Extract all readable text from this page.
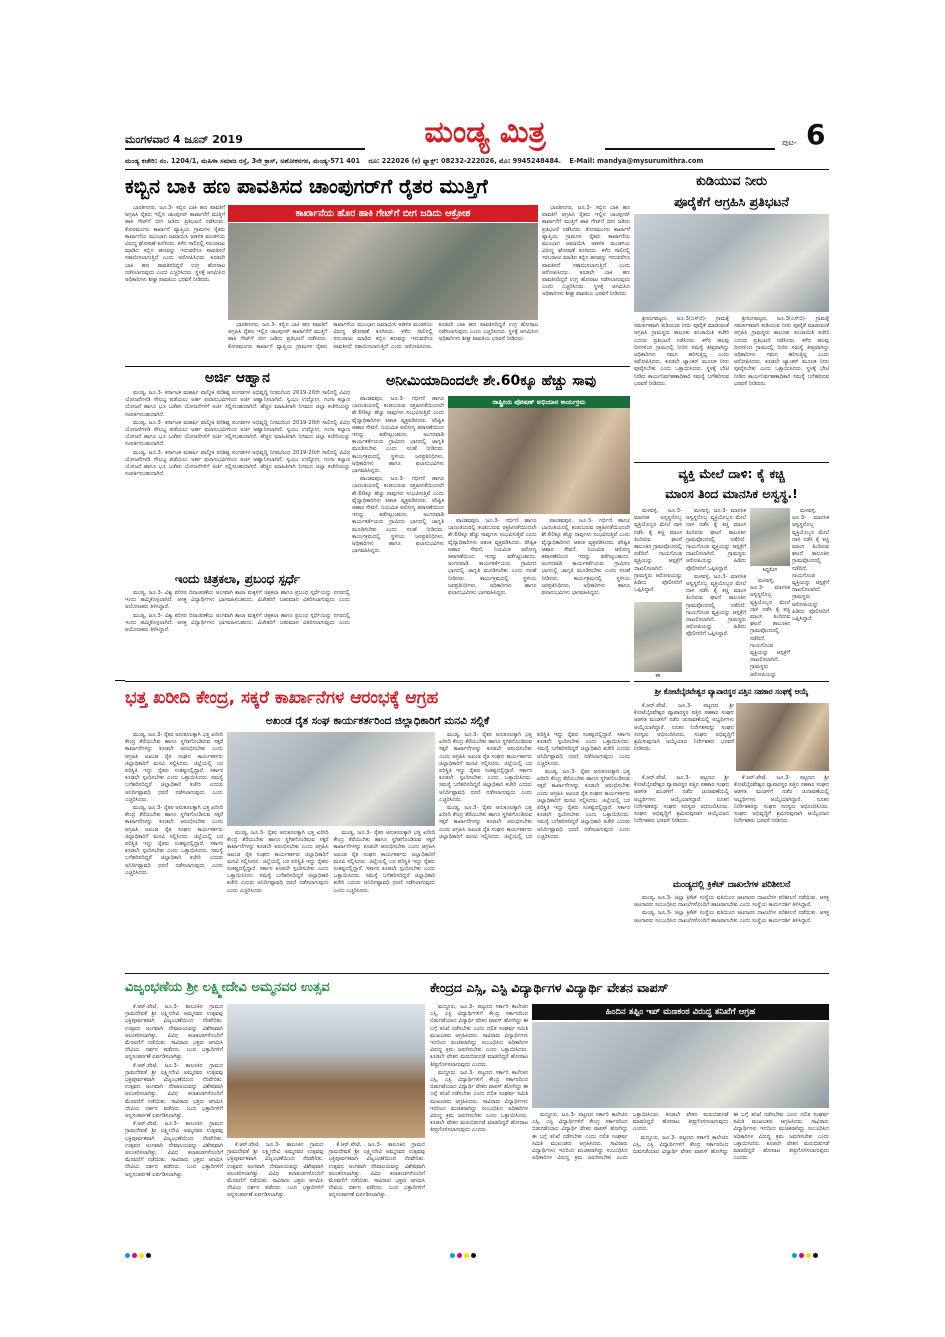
ಮಂಗಳವಾರ 4 ಜೂನ್ 2019	ಮಂಡ್ಯ ಮಿತ್ರ	ಪುಟ- 6
ಮಂಡ್ಯ ಕಚೇರಿ: ನಂ. 1204/1, ಮಹಿಳಾ ಸಮಾಜ ರಸ್ತೆ, 3ನೇ ಕ್ರಾಸ್, ಅಶೋಕನಗರ, ಮಂಡ್ಯ-571 401 ದೂ: 222026 (ಕ) ಫ್ಯಾಕ್ಸ್: 08232-222026, ಮೊ: 9945248484. E-Mail: mandya@mysurumithra.com
ಕಬ್ಬಿನ ಬಾಕಿ ಹಣ ಪಾವತಿಸದ ಚಾಂಪುಗರ್‌ಗೆ ರೈತರ ಮುತ್ತಿಗೆ

ಭಾರತೀನಗರ, ಜೂ.3- ಕಬ್ಬಿನ ಬಾಕಿ ಹಣ ಪಾವತಿಗೆ ಆಗ್ರಹಿಸಿ ರೈತರು ಇಲ್ಲಿನ ಚಾಂಪುಗರ್ ಕಾರ್ಖಾನೆಗೆ ಮುತ್ತಿಗೆ ಹಾಕಿ ಗೇಟ್‌ಗೆ ಬೀಗ ಜಡಿದು ಪ್ರತಿಭಟನೆ ನಡೆಸಿದರು. ಕೋರಮಂಗಲ ಕಾರ್ಖಾನೆ ವ್ಯಾಪ್ತಿಯ ಗ್ರಾಮಗಳ ರೈತರು ಕಾರ್ಖಾನೆಯ ಮುಂಭಾಗ ಜಮಾಯಿಸಿ ಆಡಳಿತ ಮಂಡಳಿಯ ವಿರುದ್ಧ ಘೋಷಣೆ ಕೂಗಿದರು. ಕಳೆದ ಸಾಲಿನಲ್ಲಿ ಸರಬರಾಜು ಮಾಡಿದ ಕಬ್ಬಿನ ಹಣವನ್ನು ಇದುವರೆಗೂ ಪಾವತಿಸದೆ ಸತಾಯಿಸಲಾಗುತ್ತಿದೆ ಎಂದು ಆರೋಪಿಸಿದರು. ಕೂಡಲೇ ಬಾಕಿ ಹಣ ಪಾವತಿಸದಿದ್ದರೆ ಉಗ್ರ ಹೋರಾಟ ನಡೆಸಲಾಗುವುದು ಎಂದು ಎಚ್ಚರಿಸಿದರು. ಸ್ಥಳಕ್ಕೆ ಆಗಮಿಸಿದ ಅಧಿಕಾರಿಗಳು ಶೀಘ್ರ ಪಾವತಿಯ ಭರವಸೆ ನೀಡಿದರು.

ಕಾರ್ಖಾನೆಯ ಹೊರ ಹಾಕಿ ಗೇಟ್‌ಗೆ ಬೀಗ ಜಡಿದು ಆಕ್ರೋಶ

ಭಾರತೀನಗರ, ಜೂ.3- ಕಬ್ಬಿನ ಬಾಕಿ ಹಣ ಪಾವತಿಗೆ ಆಗ್ರಹಿಸಿ ರೈತರು ಇಲ್ಲಿನ ಚಾಂಪುಗರ್ ಕಾರ್ಖಾನೆಗೆ ಮುತ್ತಿಗೆ ಹಾಕಿ ಗೇಟ್‌ಗೆ ಬೀಗ ಜಡಿದು ಪ್ರತಿಭಟನೆ ನಡೆಸಿದರು. ಕೋರಮಂಗಲ ಕಾರ್ಖಾನೆ ವ್ಯಾಪ್ತಿಯ ಗ್ರಾಮಗಳ ರೈತರು ಕಾರ್ಖಾನೆಯ ಮುಂಭಾಗ ಜಮಾಯಿಸಿ ಆಡಳಿತ ಮಂಡಳಿಯ ವಿರುದ್ಧ ಘೋಷಣೆ ಕೂಗಿದರು. ಕಳೆದ ಸಾಲಿನಲ್ಲಿ ಸರಬರಾಜು ಮಾಡಿದ ಕಬ್ಬಿನ ಹಣವನ್ನು ಇದುವರೆಗೂ ಪಾವತಿಸದೆ ಸತಾಯಿಸಲಾಗುತ್ತಿದೆ ಎಂದು ಆರೋಪಿಸಿದರು. ಕೂಡಲೇ ಬಾಕಿ ಹಣ ಪಾವತಿಸದಿದ್ದರೆ ಉಗ್ರ ಹೋರಾಟ ನಡೆಸಲಾಗುವುದು ಎಂದು ಎಚ್ಚರಿಸಿದರು. ಸ್ಥಳಕ್ಕೆ ಆಗಮಿಸಿದ ಅಧಿಕಾರಿಗಳು ಶೀಘ್ರ ಪಾವತಿಯ ಭರವಸೆ ನೀಡಿದರು.

ಭಾರತೀನಗರ, ಜೂ.3- ಕಬ್ಬಿನ ಬಾಕಿ ಹಣ ಪಾವತಿಗೆ ಆಗ್ರಹಿಸಿ ರೈತರು ಇಲ್ಲಿನ ಚಾಂಪುಗರ್ ಕಾರ್ಖಾನೆಗೆ ಮುತ್ತಿಗೆ ಹಾಕಿ ಗೇಟ್‌ಗೆ ಬೀಗ ಜಡಿದು ಪ್ರತಿಭಟನೆ ನಡೆಸಿದರು. ಕೋರಮಂಗಲ ಕಾರ್ಖಾನೆ ವ್ಯಾಪ್ತಿಯ ಗ್ರಾಮಗಳ ರೈತರು ಕಾರ್ಖಾನೆಯ ಮುಂಭಾಗ ಜಮಾಯಿಸಿ ಆಡಳಿತ ಮಂಡಳಿಯ ವಿರುದ್ಧ ಘೋಷಣೆ ಕೂಗಿದರು. ಕಳೆದ ಸಾಲಿನಲ್ಲಿ ಸರಬರಾಜು ಮಾಡಿದ ಕಬ್ಬಿನ ಹಣವನ್ನು ಇದುವರೆಗೂ ಪಾವತಿಸದೆ ಸತಾಯಿಸಲಾಗುತ್ತಿದೆ ಎಂದು ಆರೋಪಿಸಿದರು. ಕೂಡಲೇ ಬಾಕಿ ಹಣ ಪಾವತಿಸದಿದ್ದರೆ ಉಗ್ರ ಹೋರಾಟ ನಡೆಸಲಾಗುವುದು ಎಂದು ಎಚ್ಚರಿಸಿದರು. ಸ್ಥಳಕ್ಕೆ ಆಗಮಿಸಿದ ಅಧಿಕಾರಿಗಳು ಶೀಘ್ರ ಪಾವತಿಯ ಭರವಸೆ ನೀಡಿದರು.

ಕುಡಿಯುವ ನೀರು
ಪೂರೈಕೆಗೆ ಆಗ್ರಹಿಸಿ ಪ್ರತಿಭಟನೆ

ಶ್ರೀರಂಗಪಟ್ಟಣ, ಜೂ.3(ಎಸ್‌ಬಿ)- ಗ್ರಾಮಕ್ಕೆ ಸಮರ್ಪಕವಾಗಿ ಕುಡಿಯುವ ನೀರು ಪೂರೈಕೆ ಮಾಡುವಂತೆ ಆಗ್ರಹಿಸಿ ಗ್ರಾಮಸ್ಥರು ತಾಲೂಕು ಪಂಚಾಯಿತಿ ಕಚೇರಿ ಎದುರು ಪ್ರತಿಭಟನೆ ನಡೆಸಿದರು. ಕಳೆದ ಹಲವು ದಿನಗಳಿಂದ ಗ್ರಾಮದಲ್ಲಿ ನೀರಿನ ಸಮಸ್ಯೆ ತೀವ್ರವಾಗಿದ್ದು ಅಧಿಕಾರಿಗಳು ಗಮನ ಹರಿಸುತ್ತಿಲ್ಲ ಎಂದು ಆರೋಪಿಸಿದರು. ಕೂಡಲೇ ಟ್ಯಾಂಕರ್ ಮೂಲಕ ನೀರು ಪೂರೈಸಬೇಕು ಎಂದು ಒತ್ತಾಯಿಸಿದರು. ಸ್ಥಳಕ್ಕೆ ಭೇಟಿ ನೀಡಿದ ಕಾರ್ಯನಿರ್ವಹಣಾಧಿಕಾರಿ ಸಮಸ್ಯೆ ಬಗೆಹರಿಸುವ ಭರವಸೆ ನೀಡಿದರು.

ಶ್ರೀರಂಗಪಟ್ಟಣ, ಜೂ.3(ಎಸ್‌ಬಿ)- ಗ್ರಾಮಕ್ಕೆ ಸಮರ್ಪಕವಾಗಿ ಕುಡಿಯುವ ನೀರು ಪೂರೈಕೆ ಮಾಡುವಂತೆ ಆಗ್ರಹಿಸಿ ಗ್ರಾಮಸ್ಥರು ತಾಲೂಕು ಪಂಚಾಯಿತಿ ಕಚೇರಿ ಎದುರು ಪ್ರತಿಭಟನೆ ನಡೆಸಿದರು. ಕಳೆದ ಹಲವು ದಿನಗಳಿಂದ ಗ್ರಾಮದಲ್ಲಿ ನೀರಿನ ಸಮಸ್ಯೆ ತೀವ್ರವಾಗಿದ್ದು ಅಧಿಕಾರಿಗಳು ಗಮನ ಹರಿಸುತ್ತಿಲ್ಲ ಎಂದು ಆರೋಪಿಸಿದರು. ಕೂಡಲೇ ಟ್ಯಾಂಕರ್ ಮೂಲಕ ನೀರು ಪೂರೈಸಬೇಕು ಎಂದು ಒತ್ತಾಯಿಸಿದರು. ಸ್ಥಳಕ್ಕೆ ಭೇಟಿ ನೀಡಿದ ಕಾರ್ಯನಿರ್ವಹಣಾಧಿಕಾರಿ ಸಮಸ್ಯೆ ಬಗೆಹರಿಸುವ ಭರವಸೆ ನೀಡಿದರು.

ಅರ್ಜಿ ಆಹ್ವಾನ

ಮಂಡ್ಯ, ಜೂ.3- ಕರ್ನಾಟಕ ಮಹರ್ಷಿ ವಾಲ್ಮೀಕಿ ಪರಿಶಿಷ್ಟ ಪಂಗಡಗಳ ಅಭಿವೃದ್ಧಿ ನಿಗಮದಿಂದ 2019-20ನೇ ಸಾಲಿನಲ್ಲಿ ವಿವಿಧ ಯೋಜನೆಗಳಡಿ ಸೌಲಭ್ಯ ಪಡೆಯಲು ಅರ್ಹ ಫಲಾನುಭವಿಗಳಿಂದ ಅರ್ಜಿ ಆಹ್ವಾನಿಸಲಾಗಿದೆ. ಸ್ವಯಂ ಉದ್ಯೋಗ, ಗಂಗಾ ಕಲ್ಯಾಣ ಯೋಜನೆ ಹಾಗೂ ಭೂ ಒಡೆತನ ಯೋಜನೆಗಳಿಗೆ ಅರ್ಜಿ ಸಲ್ಲಿಸಬಹುದಾಗಿದೆ. ಹೆಚ್ಚಿನ ಮಾಹಿತಿಗಾಗಿ ನಿಗಮದ ಜಿಲ್ಲಾ ಕಚೇರಿಯನ್ನು ಸಂಪರ್ಕಿಸಬಹುದಾಗಿದೆ.

ಮಂಡ್ಯ, ಜೂ.3- ಕರ್ನಾಟಕ ಮಹರ್ಷಿ ವಾಲ್ಮೀಕಿ ಪರಿಶಿಷ್ಟ ಪಂಗಡಗಳ ಅಭಿವೃದ್ಧಿ ನಿಗಮದಿಂದ 2019-20ನೇ ಸಾಲಿನಲ್ಲಿ ವಿವಿಧ ಯೋಜನೆಗಳಡಿ ಸೌಲಭ್ಯ ಪಡೆಯಲು ಅರ್ಹ ಫಲಾನುಭವಿಗಳಿಂದ ಅರ್ಜಿ ಆಹ್ವಾನಿಸಲಾಗಿದೆ. ಸ್ವಯಂ ಉದ್ಯೋಗ, ಗಂಗಾ ಕಲ್ಯಾಣ ಯೋಜನೆ ಹಾಗೂ ಭೂ ಒಡೆತನ ಯೋಜನೆಗಳಿಗೆ ಅರ್ಜಿ ಸಲ್ಲಿಸಬಹುದಾಗಿದೆ. ಹೆಚ್ಚಿನ ಮಾಹಿತಿಗಾಗಿ ನಿಗಮದ ಜಿಲ್ಲಾ ಕಚೇರಿಯನ್ನು ಸಂಪರ್ಕಿಸಬಹುದಾಗಿದೆ.

ಮಂಡ್ಯ, ಜೂ.3- ಕರ್ನಾಟಕ ಮಹರ್ಷಿ ವಾಲ್ಮೀಕಿ ಪರಿಶಿಷ್ಟ ಪಂಗಡಗಳ ಅಭಿವೃದ್ಧಿ ನಿಗಮದಿಂದ 2019-20ನೇ ಸಾಲಿನಲ್ಲಿ ವಿವಿಧ ಯೋಜನೆಗಳಡಿ ಸೌಲಭ್ಯ ಪಡೆಯಲು ಅರ್ಹ ಫಲಾನುಭವಿಗಳಿಂದ ಅರ್ಜಿ ಆಹ್ವಾನಿಸಲಾಗಿದೆ. ಸ್ವಯಂ ಉದ್ಯೋಗ, ಗಂಗಾ ಕಲ್ಯಾಣ ಯೋಜನೆ ಹಾಗೂ ಭೂ ಒಡೆತನ ಯೋಜನೆಗಳಿಗೆ ಅರ್ಜಿ ಸಲ್ಲಿಸಬಹುದಾಗಿದೆ. ಹೆಚ್ಚಿನ ಮಾಹಿತಿಗಾಗಿ ನಿಗಮದ ಜಿಲ್ಲಾ ಕಚೇರಿಯನ್ನು ಸಂಪರ್ಕಿಸಬಹುದಾಗಿದೆ.

ಇಂದು ಚಿತ್ರಕಲಾ, ಪ್ರಬಂಧ ಸ್ಪರ್ಧೆ

ಮಂಡ್ಯ, ಜೂ.3- ವಿಶ್ವ ಪರಿಸರ ದಿನಾಚರಣೆಯ ಅಂಗವಾಗಿ ಶಾಲಾ ಮಕ್ಕಳಿಗೆ ಚಿತ್ರಕಲಾ ಹಾಗೂ ಪ್ರಬಂಧ ಸ್ಪರ್ಧೆಯನ್ನು ನಗರದಲ್ಲಿ ಇಂದು ಹಮ್ಮಿಕೊಳ್ಳಲಾಗಿದೆ. ಆಸಕ್ತ ವಿದ್ಯಾರ್ಥಿಗಳು ಭಾಗವಹಿಸಬಹುದು. ವಿಜೇತರಿಗೆ ಬಹುಮಾನ ವಿತರಿಸಲಾಗುವುದು ಎಂದು ಆಯೋಜಕರು ತಿಳಿಸಿದ್ದಾರೆ.

ಮಂಡ್ಯ, ಜೂ.3- ವಿಶ್ವ ಪರಿಸರ ದಿನಾಚರಣೆಯ ಅಂಗವಾಗಿ ಶಾಲಾ ಮಕ್ಕಳಿಗೆ ಚಿತ್ರಕಲಾ ಹಾಗೂ ಪ್ರಬಂಧ ಸ್ಪರ್ಧೆಯನ್ನು ನಗರದಲ್ಲಿ ಇಂದು ಹಮ್ಮಿಕೊಳ್ಳಲಾಗಿದೆ. ಆಸಕ್ತ ವಿದ್ಯಾರ್ಥಿಗಳು ಭಾಗವಹಿಸಬಹುದು. ವಿಜೇತರಿಗೆ ಬಹುಮಾನ ವಿತರಿಸಲಾಗುವುದು ಎಂದು ಆಯೋಜಕರು ತಿಳಿಸಿದ್ದಾರೆ.

ಅನೀಮಿಯಾದಿಂದಲೇ ಶೇ.60ಕ್ಕೂ ಹೆಚ್ಚು ಸಾವು

ಪಾಂಡವಪುರ, ಜೂ.3- ಗರ್ಭಿಣಿ ಹಾಗೂ ಬಾಣಂತಿಯರಲ್ಲಿ ಕಂಡುಬರುವ ರಕ್ತಹೀನತೆಯಿಂದಲೇ ಶೇ.60ಕ್ಕೂ ಹೆಚ್ಚು ಸಾವುಗಳು ಸಂಭವಿಸುತ್ತಿವೆ ಎಂದು ವೈದ್ಯಾಧಿಕಾರಿಗಳು ಆತಂಕ ವ್ಯಕ್ತಪಡಿಸಿದರು. ಪೌಷ್ಟಿಕ ಆಹಾರ ಸೇವನೆ, ನಿಯಮಿತ ಆರೋಗ್ಯ ತಪಾಸಣೆಯಿಂದ ಇದನ್ನು ತಡೆಗಟ್ಟಬಹುದು. ಅಂಗನವಾಡಿ ಕಾರ್ಯಕರ್ತೆಯರು ಗ್ರಾಮೀಣ ಭಾಗದಲ್ಲಿ ಜಾಗೃತಿ ಮೂಡಿಸಬೇಕು ಎಂದು ಸಲಹೆ ನೀಡಿದರು. ಕಾರ್ಯಕ್ರಮದಲ್ಲಿ ಸ್ಥಳೀಯ ಜನಪ್ರತಿನಿಧಿಗಳು, ಅಧಿಕಾರಿಗಳು ಹಾಗೂ ಫಲಾನುಭವಿಗಳು ಭಾಗವಹಿಸಿದ್ದರು.

ಪಾಂಡವಪುರ, ಜೂ.3- ಗರ್ಭಿಣಿ ಹಾಗೂ ಬಾಣಂತಿಯರಲ್ಲಿ ಕಂಡುಬರುವ ರಕ್ತಹೀನತೆಯಿಂದಲೇ ಶೇ.60ಕ್ಕೂ ಹೆಚ್ಚು ಸಾವುಗಳು ಸಂಭವಿಸುತ್ತಿವೆ ಎಂದು ವೈದ್ಯಾಧಿಕಾರಿಗಳು ಆತಂಕ ವ್ಯಕ್ತಪಡಿಸಿದರು. ಪೌಷ್ಟಿಕ ಆಹಾರ ಸೇವನೆ, ನಿಯಮಿತ ಆರೋಗ್ಯ ತಪಾಸಣೆಯಿಂದ ಇದನ್ನು ತಡೆಗಟ್ಟಬಹುದು. ಅಂಗನವಾಡಿ ಕಾರ್ಯಕರ್ತೆಯರು ಗ್ರಾಮೀಣ ಭಾಗದಲ್ಲಿ ಜಾಗೃತಿ ಮೂಡಿಸಬೇಕು ಎಂದು ಸಲಹೆ ನೀಡಿದರು. ಕಾರ್ಯಕ್ರಮದಲ್ಲಿ ಸ್ಥಳೀಯ ಜನಪ್ರತಿನಿಧಿಗಳು, ಅಧಿಕಾರಿಗಳು ಹಾಗೂ ಫಲಾನುಭವಿಗಳು ಭಾಗವಹಿಸಿದ್ದರು.

ರಾಷ್ಟ್ರೀಯ ಪೋಷಣ್ ಅಭಿಯಾನ ಕಾರ್ಯಕ್ರಮ

ಪಾಂಡವಪುರ, ಜೂ.3- ಗರ್ಭಿಣಿ ಹಾಗೂ ಬಾಣಂತಿಯರಲ್ಲಿ ಕಂಡುಬರುವ ರಕ್ತಹೀನತೆಯಿಂದಲೇ ಶೇ.60ಕ್ಕೂ ಹೆಚ್ಚು ಸಾವುಗಳು ಸಂಭವಿಸುತ್ತಿವೆ ಎಂದು ವೈದ್ಯಾಧಿಕಾರಿಗಳು ಆತಂಕ ವ್ಯಕ್ತಪಡಿಸಿದರು. ಪೌಷ್ಟಿಕ ಆಹಾರ ಸೇವನೆ, ನಿಯಮಿತ ಆರೋಗ್ಯ ತಪಾಸಣೆಯಿಂದ ಇದನ್ನು ತಡೆಗಟ್ಟಬಹುದು. ಅಂಗನವಾಡಿ ಕಾರ್ಯಕರ್ತೆಯರು ಗ್ರಾಮೀಣ ಭಾಗದಲ್ಲಿ ಜಾಗೃತಿ ಮೂಡಿಸಬೇಕು ಎಂದು ಸಲಹೆ ನೀಡಿದರು. ಕಾರ್ಯಕ್ರಮದಲ್ಲಿ ಸ್ಥಳೀಯ ಜನಪ್ರತಿನಿಧಿಗಳು, ಅಧಿಕಾರಿಗಳು ಹಾಗೂ ಫಲಾನುಭವಿಗಳು ಭಾಗವಹಿಸಿದ್ದರು.

ಪಾಂಡವಪುರ, ಜೂ.3- ಗರ್ಭಿಣಿ ಹಾಗೂ ಬಾಣಂತಿಯರಲ್ಲಿ ಕಂಡುಬರುವ ರಕ್ತಹೀನತೆಯಿಂದಲೇ ಶೇ.60ಕ್ಕೂ ಹೆಚ್ಚು ಸಾವುಗಳು ಸಂಭವಿಸುತ್ತಿವೆ ಎಂದು ವೈದ್ಯಾಧಿಕಾರಿಗಳು ಆತಂಕ ವ್ಯಕ್ತಪಡಿಸಿದರು. ಪೌಷ್ಟಿಕ ಆಹಾರ ಸೇವನೆ, ನಿಯಮಿತ ಆರೋಗ್ಯ ತಪಾಸಣೆಯಿಂದ ಇದನ್ನು ತಡೆಗಟ್ಟಬಹುದು. ಅಂಗನವಾಡಿ ಕಾರ್ಯಕರ್ತೆಯರು ಗ್ರಾಮೀಣ ಭಾಗದಲ್ಲಿ ಜಾಗೃತಿ ಮೂಡಿಸಬೇಕು ಎಂದು ಸಲಹೆ ನೀಡಿದರು. ಕಾರ್ಯಕ್ರಮದಲ್ಲಿ ಸ್ಥಳೀಯ ಜನಪ್ರತಿನಿಧಿಗಳು, ಅಧಿಕಾರಿಗಳು ಹಾಗೂ ಫಲಾನುಭವಿಗಳು ಭಾಗವಹಿಸಿದ್ದರು.

ವ್ಯಕ್ತಿ ಮೇಲೆ ದಾಳಿ: ಕೈ ಕಚ್ಚಿ
ಮಾಂಸ ತಿಂದ ಮಾನಸಿಕ ಅಸ್ವಸ್ಥ.!

ಮಳವಳ್ಳಿ, ಜೂ.3- ಮಾನಸಿಕ ಅಸ್ವಸ್ಥನೊಬ್ಬ ವ್ಯಕ್ತಿಯೊಬ್ಬರ ಮೇಲೆ ದಾಳಿ ನಡೆಸಿ ಕೈ ಕಚ್ಚಿ ಮಾಂಸ ತಿಂದಿರುವ ಘಟನೆ ತಾಲೂಕಿನ ಗ್ರಾಮವೊಂದರಲ್ಲಿ ನಡೆದಿದೆ. ಗಾಯಗೊಂಡ ವ್ಯಕ್ತಿಯನ್ನು ಆಸ್ಪತ್ರೆಗೆ ದಾಖಲಿಸಲಾಗಿದೆ. ಗ್ರಾಮಸ್ಥರು ಆರೋಪಿಯನ್ನು ಹಿಡಿದು ಪೊಲೀಸರಿಗೆ ಒಪ್ಪಿಸಿದ್ದಾರೆ.

ಕರಿ

ಮಳವಳ್ಳಿ, ಜೂ.3- ಮಾನಸಿಕ ಅಸ್ವಸ್ಥನೊಬ್ಬ ವ್ಯಕ್ತಿಯೊಬ್ಬರ ಮೇಲೆ ದಾಳಿ ನಡೆಸಿ ಕೈ ಕಚ್ಚಿ ಮಾಂಸ ತಿಂದಿರುವ ಘಟನೆ ತಾಲೂಕಿನ ಗ್ರಾಮವೊಂದರಲ್ಲಿ ನಡೆದಿದೆ. ಗಾಯಗೊಂಡ ವ್ಯಕ್ತಿಯನ್ನು ಆಸ್ಪತ್ರೆಗೆ ದಾಖಲಿಸಲಾಗಿದೆ. ಗ್ರಾಮಸ್ಥರು ಆರೋಪಿಯನ್ನು ಹಿಡಿದು ಪೊಲೀಸರಿಗೆ ಒಪ್ಪಿಸಿದ್ದಾರೆ.

ಮಳವಳ್ಳಿ, ಜೂ.3- ಮಾನಸಿಕ ಅಸ್ವಸ್ಥನೊಬ್ಬ ವ್ಯಕ್ತಿಯೊಬ್ಬರ ಮೇಲೆ ದಾಳಿ ನಡೆಸಿ ಕೈ ಕಚ್ಚಿ ಮಾಂಸ ತಿಂದಿರುವ ಘಟನೆ ತಾಲೂಕಿನ ಗ್ರಾಮವೊಂದರಲ್ಲಿ ನಡೆದಿದೆ. ಗಾಯಗೊಂಡ ವ್ಯಕ್ತಿಯನ್ನು ಆಸ್ಪತ್ರೆಗೆ ದಾಖಲಿಸಲಾಗಿದೆ. ಗ್ರಾಮಸ್ಥರು ಆರೋಪಿಯನ್ನು ಹಿಡಿದು ಪೊಲೀಸರಿಗೆ ಒಪ್ಪಿಸಿದ್ದಾರೆ.

ಸಿದ್ದಲಿಂಗ

ಮಳವಳ್ಳಿ, ಜೂ.3- ಮಾನಸಿಕ ಅಸ್ವಸ್ಥನೊಬ್ಬ ವ್ಯಕ್ತಿಯೊಬ್ಬರ ಮೇಲೆ ದಾಳಿ ನಡೆಸಿ ಕೈ ಕಚ್ಚಿ ಮಾಂಸ ತಿಂದಿರುವ ಘಟನೆ ತಾಲೂಕಿನ ಗ್ರಾಮವೊಂದರಲ್ಲಿ ನಡೆದಿದೆ. ಗಾಯಗೊಂಡ ವ್ಯಕ್ತಿಯನ್ನು ಆಸ್ಪತ್ರೆಗೆ ದಾಖಲಿಸಲಾಗಿದೆ. ಗ್ರಾಮಸ್ಥರು ಆರೋಪಿಯನ್ನು ಹಿಡಿದು ಪೊಲೀಸರಿಗೆ ಒಪ್ಪಿಸಿದ್ದಾರೆ.

ಮಳವಳ್ಳಿ, ಜೂ.3- ಮಾನಸಿಕ ಅಸ್ವಸ್ಥನೊಬ್ಬ ವ್ಯಕ್ತಿಯೊಬ್ಬರ ಮೇಲೆ ದಾಳಿ ನಡೆಸಿ ಕೈ ಕಚ್ಚಿ ಮಾಂಸ ತಿಂದಿರುವ ಘಟನೆ ತಾಲೂಕಿನ ಗ್ರಾಮವೊಂದರಲ್ಲಿ ನಡೆದಿದೆ. ಗಾಯಗೊಂಡ ವ್ಯಕ್ತಿಯನ್ನು ಆಸ್ಪತ್ರೆಗೆ ದಾಖಲಿಸಲಾಗಿದೆ. ಗ್ರಾಮಸ್ಥರು ಆರೋಪಿಯನ್ನು

ಭತ್ತ ಖರೀದಿ ಕೇಂದ್ರ, ಸಕ್ಕರೆ ಕಾರ್ಖಾನೆಗಳ ಆರಂಭಕ್ಕೆ ಆಗ್ರಹ
ಅಖಂಡ ರೈತ ಸಂಘ ಕಾರ್ಯಕರ್ತರಿಂದ ಜಿಲ್ಲಾಧಿಕಾರಿಗೆ ಮನವಿ ಸಲ್ಲಿಕೆ

ಮಂಡ್ಯ, ಜೂ.3- ರೈತರ ಅನುಕೂಲಕ್ಕಾಗಿ ಭತ್ತ ಖರೀದಿ ಕೇಂದ್ರ ತೆರೆಯಬೇಕು ಹಾಗೂ ಸ್ಥಗಿತಗೊಂಡಿರುವ ಸಕ್ಕರೆ ಕಾರ್ಖಾನೆಗಳನ್ನು ಕೂಡಲೇ ಆರಂಭಿಸಬೇಕು ಎಂದು ಆಗ್ರಹಿಸಿ ಅಖಂಡ ರೈತ ಸಂಘದ ಕಾರ್ಯಕರ್ತರು ಜಿಲ್ಲಾಧಿಕಾರಿಗೆ ಮನವಿ ಸಲ್ಲಿಸಿದರು. ಜಿಲ್ಲೆಯಲ್ಲಿ ಬರ ಪರಿಸ್ಥಿತಿ ಇದ್ದು ರೈತರು ಸಂಕಷ್ಟದಲ್ಲಿದ್ದಾರೆ. ಸರ್ಕಾರ ಕೂಡಲೇ ಸ್ಪಂದಿಸಬೇಕು ಎಂದು ಒತ್ತಾಯಿಸಿದರು. ಸಮಸ್ಯೆ ಬಗೆಹರಿಸದಿದ್ದರೆ ಜಿಲ್ಲಾಧಿಕಾರಿ ಕಚೇರಿ ಎದುರು ಅನಿರ್ದಿಷ್ಟಾವಧಿ ಧರಣಿ ನಡೆಸಲಾಗುವುದು ಎಂದು ಎಚ್ಚರಿಸಿದರು.

ಮಂಡ್ಯ, ಜೂ.3- ರೈತರ ಅನುಕೂಲಕ್ಕಾಗಿ ಭತ್ತ ಖರೀದಿ ಕೇಂದ್ರ ತೆರೆಯಬೇಕು ಹಾಗೂ ಸ್ಥಗಿತಗೊಂಡಿರುವ ಸಕ್ಕರೆ ಕಾರ್ಖಾನೆಗಳನ್ನು ಕೂಡಲೇ ಆರಂಭಿಸಬೇಕು ಎಂದು ಆಗ್ರಹಿಸಿ ಅಖಂಡ ರೈತ ಸಂಘದ ಕಾರ್ಯಕರ್ತರು ಜಿಲ್ಲಾಧಿಕಾರಿಗೆ ಮನವಿ ಸಲ್ಲಿಸಿದರು. ಜಿಲ್ಲೆಯಲ್ಲಿ ಬರ ಪರಿಸ್ಥಿತಿ ಇದ್ದು ರೈತರು ಸಂಕಷ್ಟದಲ್ಲಿದ್ದಾರೆ. ಸರ್ಕಾರ ಕೂಡಲೇ ಸ್ಪಂದಿಸಬೇಕು ಎಂದು ಒತ್ತಾಯಿಸಿದರು. ಸಮಸ್ಯೆ ಬಗೆಹರಿಸದಿದ್ದರೆ ಜಿಲ್ಲಾಧಿಕಾರಿ ಕಚೇರಿ ಎದುರು ಅನಿರ್ದಿಷ್ಟಾವಧಿ ಧರಣಿ ನಡೆಸಲಾಗುವುದು ಎಂದು ಎಚ್ಚರಿಸಿದರು.

ಮಂಡ್ಯ, ಜೂ.3- ರೈತರ ಅನುಕೂಲಕ್ಕಾಗಿ ಭತ್ತ ಖರೀದಿ ಕೇಂದ್ರ ತೆರೆಯಬೇಕು ಹಾಗೂ ಸ್ಥಗಿತಗೊಂಡಿರುವ ಸಕ್ಕರೆ ಕಾರ್ಖಾನೆಗಳನ್ನು ಕೂಡಲೇ ಆರಂಭಿಸಬೇಕು ಎಂದು ಆಗ್ರಹಿಸಿ ಅಖಂಡ ರೈತ ಸಂಘದ ಕಾರ್ಯಕರ್ತರು ಜಿಲ್ಲಾಧಿಕಾರಿಗೆ ಮನವಿ ಸಲ್ಲಿಸಿದರು. ಜಿಲ್ಲೆಯಲ್ಲಿ ಬರ ಪರಿಸ್ಥಿತಿ ಇದ್ದು ರೈತರು ಸಂಕಷ್ಟದಲ್ಲಿದ್ದಾರೆ. ಸರ್ಕಾರ ಕೂಡಲೇ ಸ್ಪಂದಿಸಬೇಕು ಎಂದು ಒತ್ತಾಯಿಸಿದರು. ಸಮಸ್ಯೆ ಬಗೆಹರಿಸದಿದ್ದರೆ ಜಿಲ್ಲಾಧಿಕಾರಿ ಕಚೇರಿ ಎದುರು ಅನಿರ್ದಿಷ್ಟಾವಧಿ ಧರಣಿ ನಡೆಸಲಾಗುವುದು ಎಂದು ಎಚ್ಚರಿಸಿದರು.

ಮಂಡ್ಯ, ಜೂ.3- ರೈತರ ಅನುಕೂಲಕ್ಕಾಗಿ ಭತ್ತ ಖರೀದಿ ಕೇಂದ್ರ ತೆರೆಯಬೇಕು ಹಾಗೂ ಸ್ಥಗಿತಗೊಂಡಿರುವ ಸಕ್ಕರೆ ಕಾರ್ಖಾನೆಗಳನ್ನು ಕೂಡಲೇ ಆರಂಭಿಸಬೇಕು ಎಂದು ಆಗ್ರಹಿಸಿ ಅಖಂಡ ರೈತ ಸಂಘದ ಕಾರ್ಯಕರ್ತರು ಜಿಲ್ಲಾಧಿಕಾರಿಗೆ ಮನವಿ ಸಲ್ಲಿಸಿದರು. ಜಿಲ್ಲೆಯಲ್ಲಿ ಬರ ಪರಿಸ್ಥಿತಿ ಇದ್ದು ರೈತರು ಸಂಕಷ್ಟದಲ್ಲಿದ್ದಾರೆ. ಸರ್ಕಾರ ಕೂಡಲೇ ಸ್ಪಂದಿಸಬೇಕು ಎಂದು ಒತ್ತಾಯಿಸಿದರು. ಸಮಸ್ಯೆ ಬಗೆಹರಿಸದಿದ್ದರೆ ಜಿಲ್ಲಾಧಿಕಾರಿ ಕಚೇರಿ ಎದುರು ಅನಿರ್ದಿಷ್ಟಾವಧಿ ಧರಣಿ ನಡೆಸಲಾಗುವುದು ಎಂದು ಎಚ್ಚರಿಸಿದರು.

ಮಂಡ್ಯ, ಜೂ.3- ರೈತರ ಅನುಕೂಲಕ್ಕಾಗಿ ಭತ್ತ ಖರೀದಿ ಕೇಂದ್ರ ತೆರೆಯಬೇಕು ಹಾಗೂ ಸ್ಥಗಿತಗೊಂಡಿರುವ ಸಕ್ಕರೆ ಕಾರ್ಖಾನೆಗಳನ್ನು ಕೂಡಲೇ ಆರಂಭಿಸಬೇಕು ಎಂದು ಆಗ್ರಹಿಸಿ ಅಖಂಡ ರೈತ ಸಂಘದ ಕಾರ್ಯಕರ್ತರು ಜಿಲ್ಲಾಧಿಕಾರಿಗೆ ಮನವಿ ಸಲ್ಲಿಸಿದರು. ಜಿಲ್ಲೆಯಲ್ಲಿ ಬರ ಪರಿಸ್ಥಿತಿ ಇದ್ದು ರೈತರು ಸಂಕಷ್ಟದಲ್ಲಿದ್ದಾರೆ. ಸರ್ಕಾರ ಕೂಡಲೇ ಸ್ಪಂದಿಸಬೇಕು ಎಂದು ಒತ್ತಾಯಿಸಿದರು. ಸಮಸ್ಯೆ ಬಗೆಹರಿಸದಿದ್ದರೆ ಜಿಲ್ಲಾಧಿಕಾರಿ ಕಚೇರಿ ಎದುರು ಅನಿರ್ದಿಷ್ಟಾವಧಿ ಧರಣಿ ನಡೆಸಲಾಗುವುದು ಎಂದು ಎಚ್ಚರಿಸಿದರು.

ಮಂಡ್ಯ, ಜೂ.3- ರೈತರ ಅನುಕೂಲಕ್ಕಾಗಿ ಭತ್ತ ಖರೀದಿ ಕೇಂದ್ರ ತೆರೆಯಬೇಕು ಹಾಗೂ ಸ್ಥಗಿತಗೊಂಡಿರುವ ಸಕ್ಕರೆ ಕಾರ್ಖಾನೆಗಳನ್ನು ಕೂಡಲೇ ಆರಂಭಿಸಬೇಕು ಎಂದು ಆಗ್ರಹಿಸಿ ಅಖಂಡ ರೈತ ಸಂಘದ ಕಾರ್ಯಕರ್ತರು ಜಿಲ್ಲಾಧಿಕಾರಿಗೆ ಮನವಿ ಸಲ್ಲಿಸಿದರು. ಜಿಲ್ಲೆಯಲ್ಲಿ ಬರ ಪರಿಸ್ಥಿತಿ ಇದ್ದು ರೈತರು ಸಂಕಷ್ಟದಲ್ಲಿದ್ದಾರೆ. ಸರ್ಕಾರ ಕೂಡಲೇ ಸ್ಪಂದಿಸಬೇಕು ಎಂದು ಒತ್ತಾಯಿಸಿದರು. ಸಮಸ್ಯೆ ಬಗೆಹರಿಸದಿದ್ದರೆ ಜಿಲ್ಲಾಧಿಕಾರಿ ಕಚೇರಿ ಎದುರು ಅನಿರ್ದಿಷ್ಟಾವಧಿ ಧರಣಿ ನಡೆಸಲಾಗುವುದು ಎಂದು ಎಚ್ಚರಿಸಿದರು.

ಮಂಡ್ಯ, ಜೂ.3- ರೈತರ ಅನುಕೂಲಕ್ಕಾಗಿ ಭತ್ತ ಖರೀದಿ ಕೇಂದ್ರ ತೆರೆಯಬೇಕು ಹಾಗೂ ಸ್ಥಗಿತಗೊಂಡಿರುವ ಸಕ್ಕರೆ ಕಾರ್ಖಾನೆಗಳನ್ನು ಕೂಡಲೇ ಆರಂಭಿಸಬೇಕು ಎಂದು ಆಗ್ರಹಿಸಿ ಅಖಂಡ ರೈತ ಸಂಘದ ಕಾರ್ಯಕರ್ತರು ಜಿಲ್ಲಾಧಿಕಾರಿಗೆ ಮನವಿ ಸಲ್ಲಿಸಿದರು. ಜಿಲ್ಲೆಯಲ್ಲಿ ಬರ ಪರಿಸ್ಥಿತಿ ಇದ್ದು ರೈತರು ಸಂಕಷ್ಟದಲ್ಲಿದ್ದಾರೆ. ಸರ್ಕಾರ ಕೂಡಲೇ ಸ್ಪಂದಿಸಬೇಕು ಎಂದು ಒತ್ತಾಯಿಸಿದರು. ಸಮಸ್ಯೆ ಬಗೆಹರಿಸದಿದ್ದರೆ ಜಿಲ್ಲಾಧಿಕಾರಿ ಕಚೇರಿ ಎದುರು ಅನಿರ್ದಿಷ್ಟಾವಧಿ ಧರಣಿ ನಡೆಸಲಾಗುವುದು ಎಂದು ಎಚ್ಚರಿಸಿದರು.

ಶ್ರೀ ಕೋಟೆಬೈರವೇಶ್ವರ ವ್ಯಾಪಾರಸ್ಥರ ಪತ್ತಿನ ಸಹಕಾರ ಸಂಘಕ್ಕೆ ಆಯ್ಕೆ

ಕೆ.ಆರ್.ಪೇಟೆ, ಜೂ.3- ಪಟ್ಟಣದ ಶ್ರೀ ಕೋಟೆಬೈರವೇಶ್ವರ ವ್ಯಾಪಾರಸ್ಥರ ಪತ್ತಿನ ಸಹಕಾರ ಸಂಘದ ಆಡಳಿತ ಮಂಡಳಿಗೆ ನಡೆದ ಚುನಾವಣೆಯಲ್ಲಿ ಅಭ್ಯರ್ಥಿಗಳು ಆಯ್ಕೆಯಾಗಿದ್ದಾರೆ. ನೂತನ ನಿರ್ದೇಶಕರನ್ನು ಸಂಘದ ಸದಸ್ಯರು ಅಭಿನಂದಿಸಿದರು. ಸಂಘದ ಅಭಿವೃದ್ಧಿಗೆ ಶ್ರಮಿಸುವುದಾಗಿ ಆಯ್ಕೆಯಾದ ನಿರ್ದೇಶಕರು ಭರವಸೆ ನೀಡಿದರು.

ಕೆ.ಆರ್.ಪೇಟೆ, ಜೂ.3- ಪಟ್ಟಣದ ಶ್ರೀ ಕೋಟೆಬೈರವೇಶ್ವರ ವ್ಯಾಪಾರಸ್ಥರ ಪತ್ತಿನ ಸಹಕಾರ ಸಂಘದ ಆಡಳಿತ ಮಂಡಳಿಗೆ ನಡೆದ ಚುನಾವಣೆಯಲ್ಲಿ ಅಭ್ಯರ್ಥಿಗಳು ಆಯ್ಕೆಯಾಗಿದ್ದಾರೆ. ನೂತನ ನಿರ್ದೇಶಕರನ್ನು ಸಂಘದ ಸದಸ್ಯರು ಅಭಿನಂದಿಸಿದರು. ಸಂಘದ ಅಭಿವೃದ್ಧಿಗೆ ಶ್ರಮಿಸುವುದಾಗಿ ಆಯ್ಕೆಯಾದ ನಿರ್ದೇಶಕರು ಭರವಸೆ ನೀಡಿದರು.

ಕೆ.ಆರ್.ಪೇಟೆ, ಜೂ.3- ಪಟ್ಟಣದ ಶ್ರೀ ಕೋಟೆಬೈರವೇಶ್ವರ ವ್ಯಾಪಾರಸ್ಥರ ಪತ್ತಿನ ಸಹಕಾರ ಸಂಘದ ಆಡಳಿತ ಮಂಡಳಿಗೆ ನಡೆದ ಚುನಾವಣೆಯಲ್ಲಿ ಅಭ್ಯರ್ಥಿಗಳು ಆಯ್ಕೆಯಾಗಿದ್ದಾರೆ. ನೂತನ ನಿರ್ದೇಶಕರನ್ನು ಸಂಘದ ಸದಸ್ಯರು ಅಭಿನಂದಿಸಿದರು. ಸಂಘದ ಅಭಿವೃದ್ಧಿಗೆ ಶ್ರಮಿಸುವುದಾಗಿ ಆಯ್ಕೆಯಾದ ನಿರ್ದೇಶಕರು ಭರವಸೆ ನೀಡಿದರು.

ಮಂಡ್ಯದಲ್ಲಿ ಕ್ರಿಕೆಟ್ ದಾಖಲೆಗಳ ಪರಿಶೀಲನೆ

ಮಂಡ್ಯ, ಜೂ.3- ಜಿಲ್ಲಾ ಕ್ರಿಕೆಟ್ ಸಂಸ್ಥೆಯ ವತಿಯಿಂದ ಆಟಗಾರರ ದಾಖಲೆಗಳ ಪರಿಶೀಲನೆ ನಡೆಯಿತು. ಆಸಕ್ತ ಆಟಗಾರರು ಸಂಬಂಧಿಸಿದ ದಾಖಲೆಗಳೊಂದಿಗೆ ಹಾಜರಾಗಬೇಕು ಎಂದು ಸಂಸ್ಥೆಯ ಕಾರ್ಯದರ್ಶಿ ತಿಳಿಸಿದ್ದಾರೆ.

ಮಂಡ್ಯ, ಜೂ.3- ಜಿಲ್ಲಾ ಕ್ರಿಕೆಟ್ ಸಂಸ್ಥೆಯ ವತಿಯಿಂದ ಆಟಗಾರರ ದಾಖಲೆಗಳ ಪರಿಶೀಲನೆ ನಡೆಯಿತು. ಆಸಕ್ತ ಆಟಗಾರರು ಸಂಬಂಧಿಸಿದ ದಾಖಲೆಗಳೊಂದಿಗೆ ಹಾಜರಾಗಬೇಕು ಎಂದು ಸಂಸ್ಥೆಯ ಕಾರ್ಯದರ್ಶಿ ತಿಳಿಸಿದ್ದಾರೆ.

ವಿಜೃಂಭಣೆಯ ಶ್ರೀ ಲಕ್ಷ್ಮೀದೇವಿ ಅಮ್ಮನವರ ಉತ್ಸವ

ಕೆ.ಆರ್.ಪೇಟೆ, ಜೂ.3- ತಾಲೂಕಿನ ಗ್ರಾಮದ ಗ್ರಾಮದೇವತೆ ಶ್ರೀ ಲಕ್ಷ್ಮೀದೇವಿ ಅಮ್ಮನವರ ಉತ್ಸವವು ಭಕ್ತಿಪೂರ್ವಕವಾಗಿ ವಿಜೃಂಭಣೆಯಿಂದ ನೆರವೇರಿತು. ಉತ್ಸವದ ಅಂಗವಾಗಿ ದೇವಾಲಯವನ್ನು ವಿಶೇಷವಾಗಿ ಅಲಂಕರಿಸಲಾಗಿತ್ತು. ವಿವಿಧ ಕಲಾತಂಡಗಳೊಂದಿಗೆ ಮೆರವಣಿಗೆ ನಡೆಯಿತು. ಸಾವಿರಾರು ಭಕ್ತರು ಆಗಮಿಸಿ ದೇವಿಯ ದರ್ಶನ ಪಡೆದರು. ಬಂದ ಭಕ್ತಾದಿಗಳಿಗೆ ಅನ್ನಸಂತರ್ಪಣೆ ಏರ್ಪಡಿಸಲಾಗಿತ್ತು.

ಕೆ.ಆರ್.ಪೇಟೆ, ಜೂ.3- ತಾಲೂಕಿನ ಗ್ರಾಮದ ಗ್ರಾಮದೇವತೆ ಶ್ರೀ ಲಕ್ಷ್ಮೀದೇವಿ ಅಮ್ಮನವರ ಉತ್ಸವವು ಭಕ್ತಿಪೂರ್ವಕವಾಗಿ ವಿಜೃಂಭಣೆಯಿಂದ ನೆರವೇರಿತು. ಉತ್ಸವದ ಅಂಗವಾಗಿ ದೇವಾಲಯವನ್ನು ವಿಶೇಷವಾಗಿ ಅಲಂಕರಿಸಲಾಗಿತ್ತು. ವಿವಿಧ ಕಲಾತಂಡಗಳೊಂದಿಗೆ ಮೆರವಣಿಗೆ ನಡೆಯಿತು. ಸಾವಿರಾರು ಭಕ್ತರು ಆಗಮಿಸಿ ದೇವಿಯ ದರ್ಶನ ಪಡೆದರು. ಬಂದ ಭಕ್ತಾದಿಗಳಿಗೆ ಅನ್ನಸಂತರ್ಪಣೆ ಏರ್ಪಡಿಸಲಾಗಿತ್ತು.

ಕೆ.ಆರ್.ಪೇಟೆ, ಜೂ.3- ತಾಲೂಕಿನ ಗ್ರಾಮದ ಗ್ರಾಮದೇವತೆ ಶ್ರೀ ಲಕ್ಷ್ಮೀದೇವಿ ಅಮ್ಮನವರ ಉತ್ಸವವು ಭಕ್ತಿಪೂರ್ವಕವಾಗಿ ವಿಜೃಂಭಣೆಯಿಂದ ನೆರವೇರಿತು. ಉತ್ಸವದ ಅಂಗವಾಗಿ ದೇವಾಲಯವನ್ನು ವಿಶೇಷವಾಗಿ ಅಲಂಕರಿಸಲಾಗಿತ್ತು. ವಿವಿಧ ಕಲಾತಂಡಗಳೊಂದಿಗೆ ಮೆರವಣಿಗೆ ನಡೆಯಿತು. ಸಾವಿರಾರು ಭಕ್ತರು ಆಗಮಿಸಿ ದೇವಿಯ ದರ್ಶನ ಪಡೆದರು. ಬಂದ ಭಕ್ತಾದಿಗಳಿಗೆ ಅನ್ನಸಂತರ್ಪಣೆ ಏರ್ಪಡಿಸಲಾಗಿತ್ತು.

ಕೆ.ಆರ್.ಪೇಟೆ, ಜೂ.3- ತಾಲೂಕಿನ ಗ್ರಾಮದ ಗ್ರಾಮದೇವತೆ ಶ್ರೀ ಲಕ್ಷ್ಮೀದೇವಿ ಅಮ್ಮನವರ ಉತ್ಸವವು ಭಕ್ತಿಪೂರ್ವಕವಾಗಿ ವಿಜೃಂಭಣೆಯಿಂದ ನೆರವೇರಿತು. ಉತ್ಸವದ ಅಂಗವಾಗಿ ದೇವಾಲಯವನ್ನು ವಿಶೇಷವಾಗಿ ಅಲಂಕರಿಸಲಾಗಿತ್ತು. ವಿವಿಧ ಕಲಾತಂಡಗಳೊಂದಿಗೆ ಮೆರವಣಿಗೆ ನಡೆಯಿತು. ಸಾವಿರಾರು ಭಕ್ತರು ಆಗಮಿಸಿ ದೇವಿಯ ದರ್ಶನ ಪಡೆದರು. ಬಂದ ಭಕ್ತಾದಿಗಳಿಗೆ ಅನ್ನಸಂತರ್ಪಣೆ ಏರ್ಪಡಿಸಲಾಗಿತ್ತು.

ಕೆ.ಆರ್.ಪೇಟೆ, ಜೂ.3- ತಾಲೂಕಿನ ಗ್ರಾಮದ ಗ್ರಾಮದೇವತೆ ಶ್ರೀ ಲಕ್ಷ್ಮೀದೇವಿ ಅಮ್ಮನವರ ಉತ್ಸವವು ಭಕ್ತಿಪೂರ್ವಕವಾಗಿ ವಿಜೃಂಭಣೆಯಿಂದ ನೆರವೇರಿತು. ಉತ್ಸವದ ಅಂಗವಾಗಿ ದೇವಾಲಯವನ್ನು ವಿಶೇಷವಾಗಿ ಅಲಂಕರಿಸಲಾಗಿತ್ತು. ವಿವಿಧ ಕಲಾತಂಡಗಳೊಂದಿಗೆ ಮೆರವಣಿಗೆ ನಡೆಯಿತು. ಸಾವಿರಾರು ಭಕ್ತರು ಆಗಮಿಸಿ ದೇವಿಯ ದರ್ಶನ ಪಡೆದರು. ಬಂದ ಭಕ್ತಾದಿಗಳಿಗೆ ಅನ್ನಸಂತರ್ಪಣೆ ಏರ್ಪಡಿಸಲಾಗಿತ್ತು.

ಕೇಂದ್ರದ ಎಸ್ಸಿ, ಎಸ್ಟಿ ವಿದ್ಯಾರ್ಥಿಗಳ ವಿದ್ಯಾರ್ಥಿ ವೇತನ ವಾಪಸ್

ಮದ್ದೂರು, ಜೂ.3- ಪಟ್ಟಣದ ಸರ್ಕಾರಿ ಕಾಲೇಜಿನ ಎಸ್ಸಿ, ಎಸ್ಟಿ ವಿದ್ಯಾರ್ಥಿಗಳಿಗೆ ಕೇಂದ್ರ ಸರ್ಕಾರದಿಂದ ಬಿಡುಗಡೆಯಾದ ವಿದ್ಯಾರ್ಥಿ ವೇತನ ವಾಪಸ್ ಹೋಗಿದ್ದು ಈ ಬಗ್ಗೆ ತನಿಖೆ ನಡೆಸಬೇಕು ಎಂದು ದಲಿತ ಸಂಘರ್ಷ ಸಮಿತಿ ಮುಖಂಡರು ಆಗ್ರಹಿಸಿದರು. ಸಾವಿರಾರು ವಿದ್ಯಾರ್ಥಿಗಳು ಇದರಿಂದ ವಂಚಿತರಾಗಿದ್ದು ಸಂಬಂಧಿಸಿದ ಅಧಿಕಾರಿಗಳ ವಿರುದ್ಧ ಕ್ರಮ ಜರುಗಿಸಬೇಕು ಎಂದು ಒತ್ತಾಯಿಸಿದರು. ಕೂಡಲೇ ವೇತನ ಮರುಬಿಡುಗಡೆ ಮಾಡದಿದ್ದರೆ ಹೋರಾಟ ತೀವ್ರಗೊಳಿಸಲಾಗುವುದು ಎಂದರು.

ಮದ್ದೂರು, ಜೂ.3- ಪಟ್ಟಣದ ಸರ್ಕಾರಿ ಕಾಲೇಜಿನ ಎಸ್ಸಿ, ಎಸ್ಟಿ ವಿದ್ಯಾರ್ಥಿಗಳಿಗೆ ಕೇಂದ್ರ ಸರ್ಕಾರದಿಂದ ಬಿಡುಗಡೆಯಾದ ವಿದ್ಯಾರ್ಥಿ ವೇತನ ವಾಪಸ್ ಹೋಗಿದ್ದು ಈ ಬಗ್ಗೆ ತನಿಖೆ ನಡೆಸಬೇಕು ಎಂದು ದಲಿತ ಸಂಘರ್ಷ ಸಮಿತಿ ಮುಖಂಡರು ಆಗ್ರಹಿಸಿದರು. ಸಾವಿರಾರು ವಿದ್ಯಾರ್ಥಿಗಳು ಇದರಿಂದ ವಂಚಿತರಾಗಿದ್ದು ಸಂಬಂಧಿಸಿದ ಅಧಿಕಾರಿಗಳ ವಿರುದ್ಧ ಕ್ರಮ ಜರುಗಿಸಬೇಕು ಎಂದು ಒತ್ತಾಯಿಸಿದರು. ಕೂಡಲೇ ವೇತನ ಮರುಬಿಡುಗಡೆ ಮಾಡದಿದ್ದರೆ ಹೋರಾಟ ತೀವ್ರಗೊಳಿಸಲಾಗುವುದು ಎಂದರು.

ಹಿಂದಿನ ತಪ್ಪಿಂ ಇಪ್ ಮಣಕಂಠ ವಿರುದ್ಧ ತನಿಖೆಗೆ ಆಗ್ರಹ

ಮದ್ದೂರು, ಜೂ.3- ಪಟ್ಟಣದ ಸರ್ಕಾರಿ ಕಾಲೇಜಿನ ಎಸ್ಸಿ, ಎಸ್ಟಿ ವಿದ್ಯಾರ್ಥಿಗಳಿಗೆ ಕೇಂದ್ರ ಸರ್ಕಾರದಿಂದ ಬಿಡುಗಡೆಯಾದ ವಿದ್ಯಾರ್ಥಿ ವೇತನ ವಾಪಸ್ ಹೋಗಿದ್ದು ಈ ಬಗ್ಗೆ ತನಿಖೆ ನಡೆಸಬೇಕು ಎಂದು ದಲಿತ ಸಂಘರ್ಷ ಸಮಿತಿ ಮುಖಂಡರು ಆಗ್ರಹಿಸಿದರು. ಸಾವಿರಾರು ವಿದ್ಯಾರ್ಥಿಗಳು ಇದರಿಂದ ವಂಚಿತರಾಗಿದ್ದು ಸಂಬಂಧಿಸಿದ ಅಧಿಕಾರಿಗಳ ವಿರುದ್ಧ ಕ್ರಮ ಜರುಗಿಸಬೇಕು ಎಂದು ಒತ್ತಾಯಿಸಿದರು. ಕೂಡಲೇ ವೇತನ ಮರುಬಿಡುಗಡೆ ಮಾಡದಿದ್ದರೆ ಹೋರಾಟ ತೀವ್ರಗೊಳಿಸಲಾಗುವುದು ಎಂದರು.

ಮದ್ದೂರು, ಜೂ.3- ಪಟ್ಟಣದ ಸರ್ಕಾರಿ ಕಾಲೇಜಿನ ಎಸ್ಸಿ, ಎಸ್ಟಿ ವಿದ್ಯಾರ್ಥಿಗಳಿಗೆ ಕೇಂದ್ರ ಸರ್ಕಾರದಿಂದ ಬಿಡುಗಡೆಯಾದ ವಿದ್ಯಾರ್ಥಿ ವೇತನ ವಾಪಸ್ ಹೋಗಿದ್ದು ಈ ಬಗ್ಗೆ ತನಿಖೆ ನಡೆಸಬೇಕು ಎಂದು ದಲಿತ ಸಂಘರ್ಷ ಸಮಿತಿ ಮುಖಂಡರು ಆಗ್ರಹಿಸಿದರು. ಸಾವಿರಾರು ವಿದ್ಯಾರ್ಥಿಗಳು ಇದರಿಂದ ವಂಚಿತರಾಗಿದ್ದು ಸಂಬಂಧಿಸಿದ ಅಧಿಕಾರಿಗಳ ವಿರುದ್ಧ ಕ್ರಮ ಜರುಗಿಸಬೇಕು ಎಂದು ಒತ್ತಾಯಿಸಿದರು. ಕೂಡಲೇ ವೇತನ ಮರುಬಿಡುಗಡೆ ಮಾಡದಿದ್ದರೆ ಹೋರಾಟ ತೀವ್ರಗೊಳಿಸಲಾಗುವುದು ಎಂದರು.
